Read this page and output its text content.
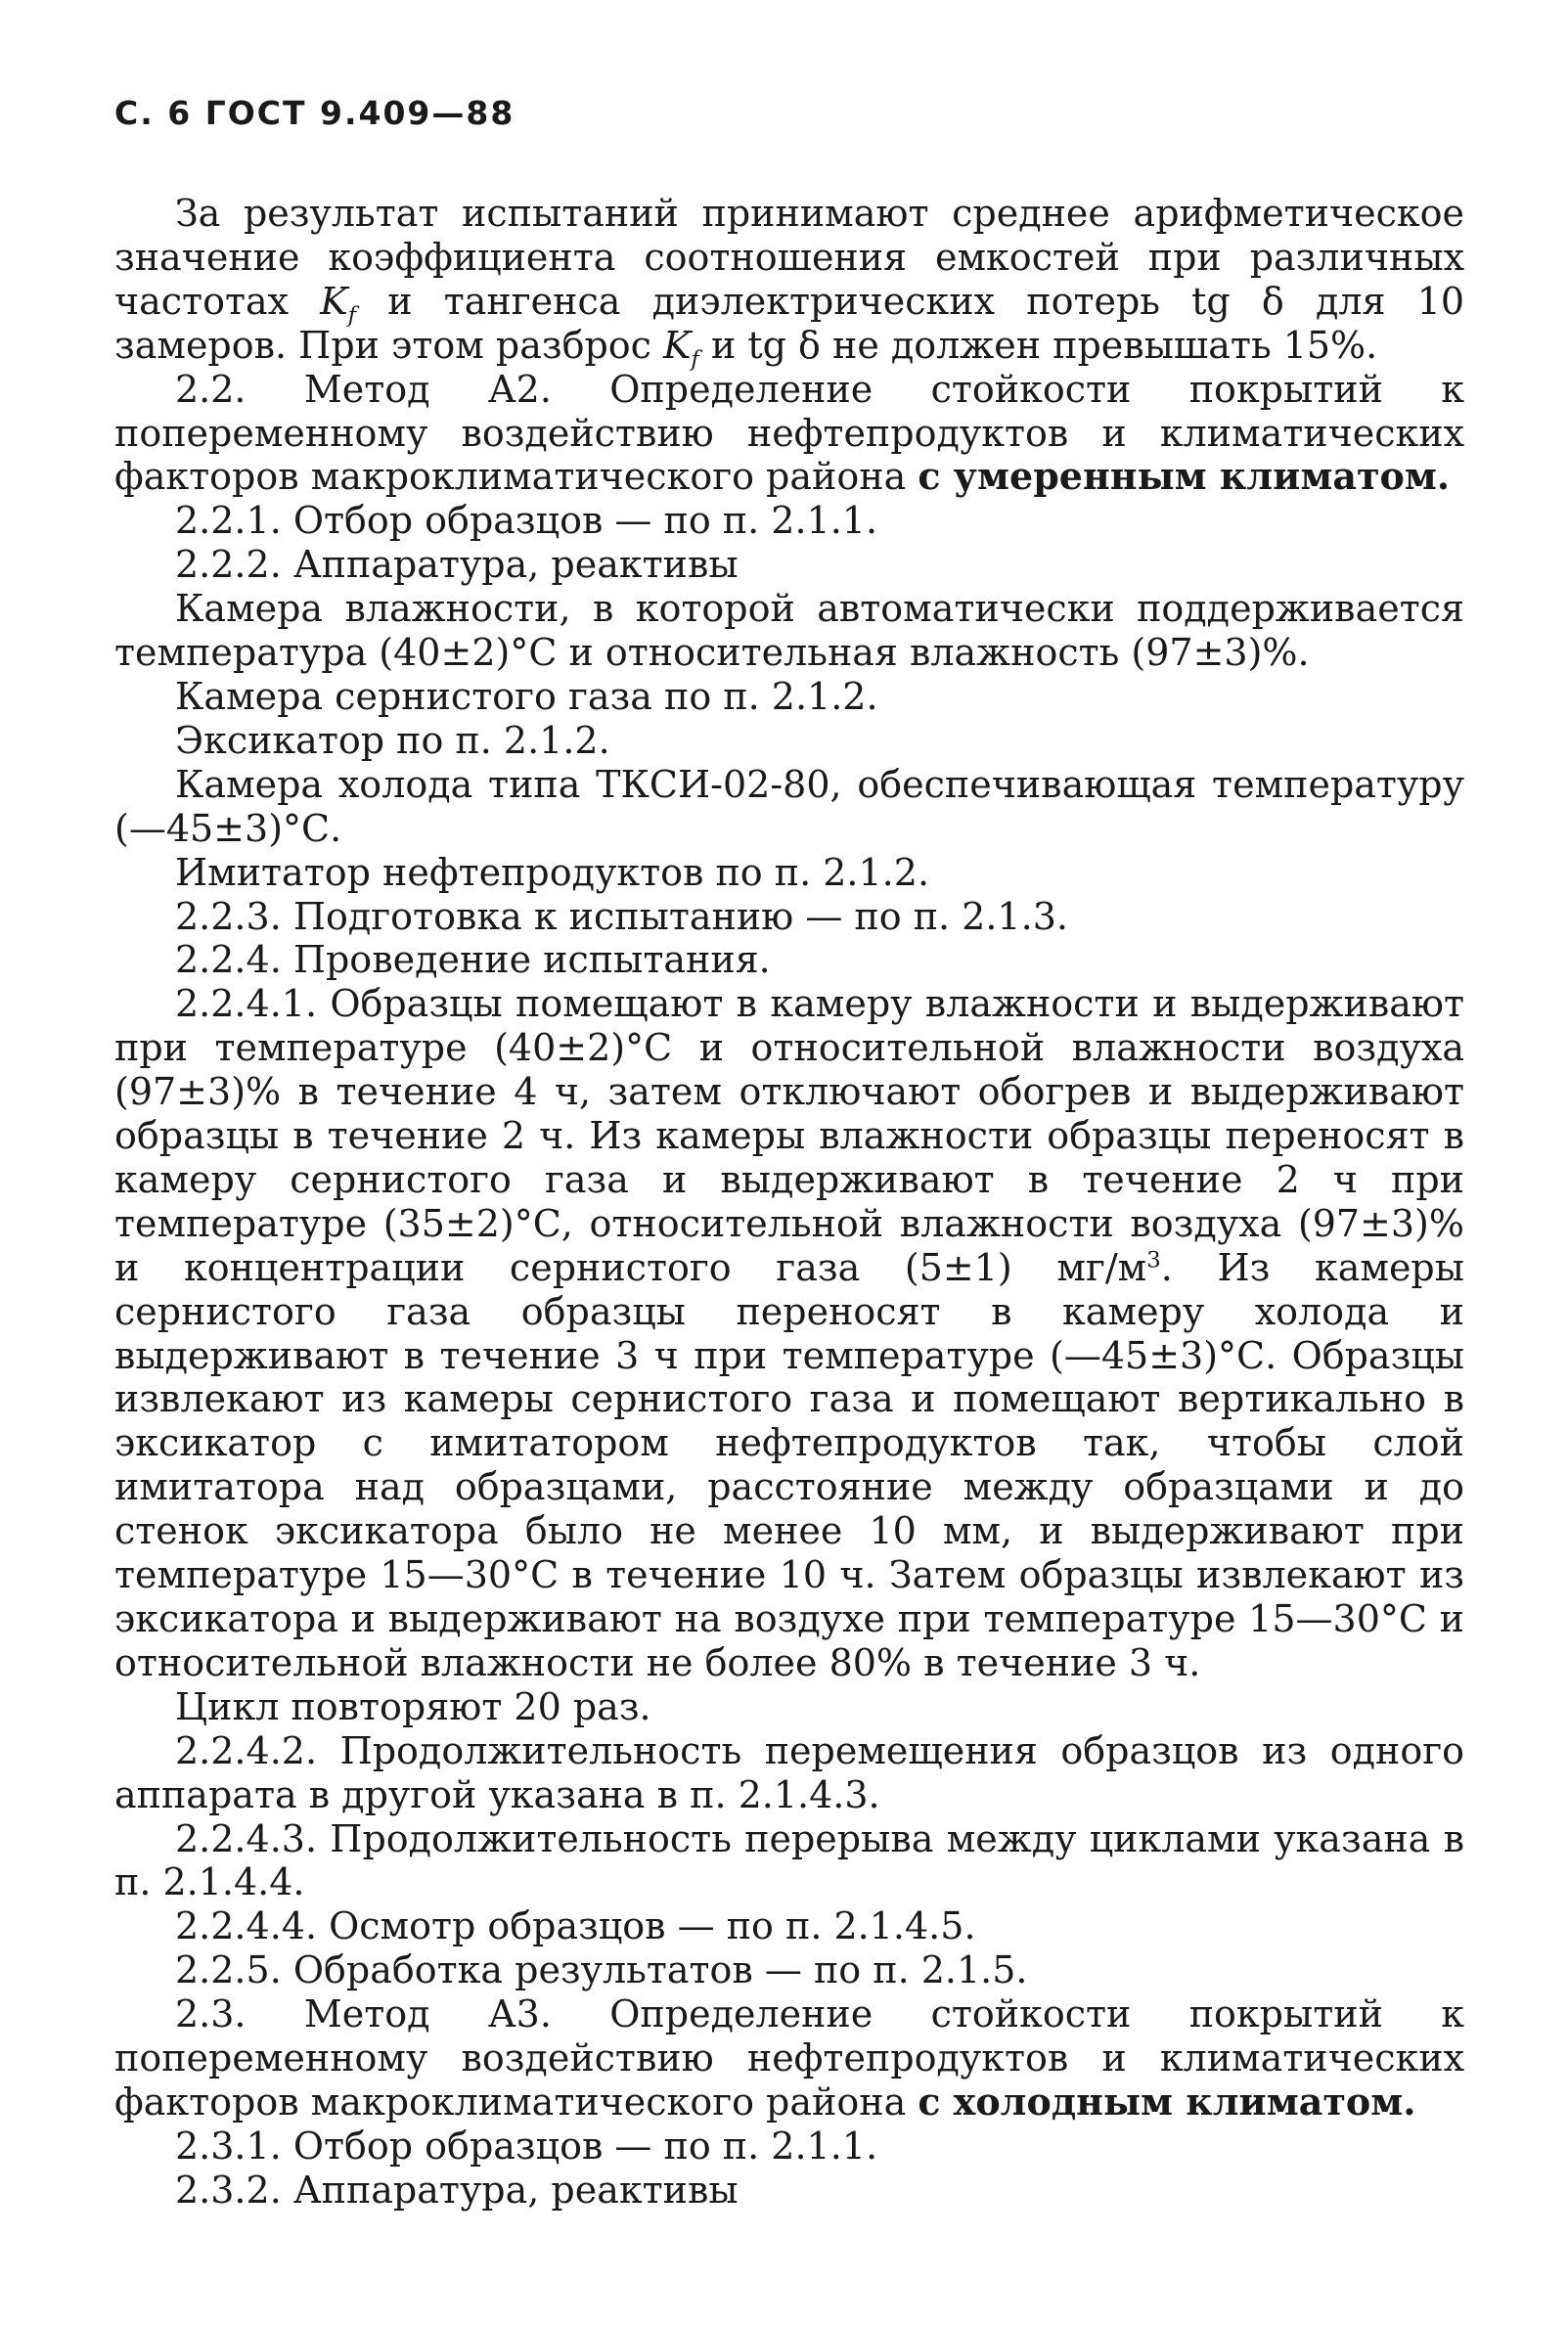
С. 6 ГОСТ 9.409—88

За результат испытаний принимают среднее арифметическое значение коэффициента соотношения емкостей при различных частотах $K_f$ и тангенса диэлектрических потерь tg δ для 10 замеров. При этом разброс $K_f$ и tg δ не должен превышать 15%.

2.2. Метод А2. Определение стойкости покрытий к попеременному воздействию нефтепродуктов и климатических факторов макроклиматического района с умеренным климатом.

2.2.1. Отбор образцов — по п. 2.1.1.

2.2.2. Аппаратура, реактивы

Камера влажности, в которой автоматически поддерживается температура (40±2)°С и относительная влажность (97±3)%.

Камера сернистого газа по п. 2.1.2.

Эксикатор по п. 2.1.2.

Камера холода типа ТКСИ-02-80, обеспечивающая температуру (—45±3)°С.

Имитатор нефтепродуктов по п. 2.1.2.

2.2.3. Подготовка к испытанию — по п. 2.1.3.

2.2.4. Проведение испытания.

2.2.4.1. Образцы помещают в камеру влажности и выдерживают при температуре (40±2)°С и относительной влажности воздуха (97±3)% в течение 4 ч, затем отключают обогрев и выдерживают образцы в течение 2 ч. Из камеры влажности образцы переносят в камеру сернистого газа и выдерживают в течение 2 ч при температуре (35±2)°С, относительной влажности воздуха (97±3)% и концентрации сернистого газа (5±1) $мг/м^3$. Из камеры сернистого газа образцы переносят в камеру холода и выдерживают в течение 3 ч при температуре (—45±3)°С. Образцы извлекают из камеры сернистого газа и помещают вертикально в эксикатор с имитатором нефтепродуктов так, чтобы слой имитатора над образцами, расстояние между образцами и до стенок эксикатора было не менее 10 мм, и выдерживают при температуре 15—30°С в течение 10 ч. Затем образцы извлекают из эксикатора и выдерживают на воздухе при температуре 15—30°С и относительной влажности не более 80% в течение 3 ч.

Цикл повторяют 20 раз.

2.2.4.2. Продолжительность перемещения образцов из одного аппарата в другой указана в п. 2.1.4.3.

2.2.4.3. Продолжительность перерыва между циклами указана в п. 2.1.4.4.

2.2.4.4. Осмотр образцов — по п. 2.1.4.5.

2.2.5. Обработка результатов — по п. 2.1.5.

2.3. Метод А3. Определение стойкости покрытий к попеременному воздействию нефтепродуктов и климатических факторов макроклиматического района с холодным климатом.

2.3.1. Отбор образцов — по п. 2.1.1.

2.3.2. Аппаратура, реактивы
